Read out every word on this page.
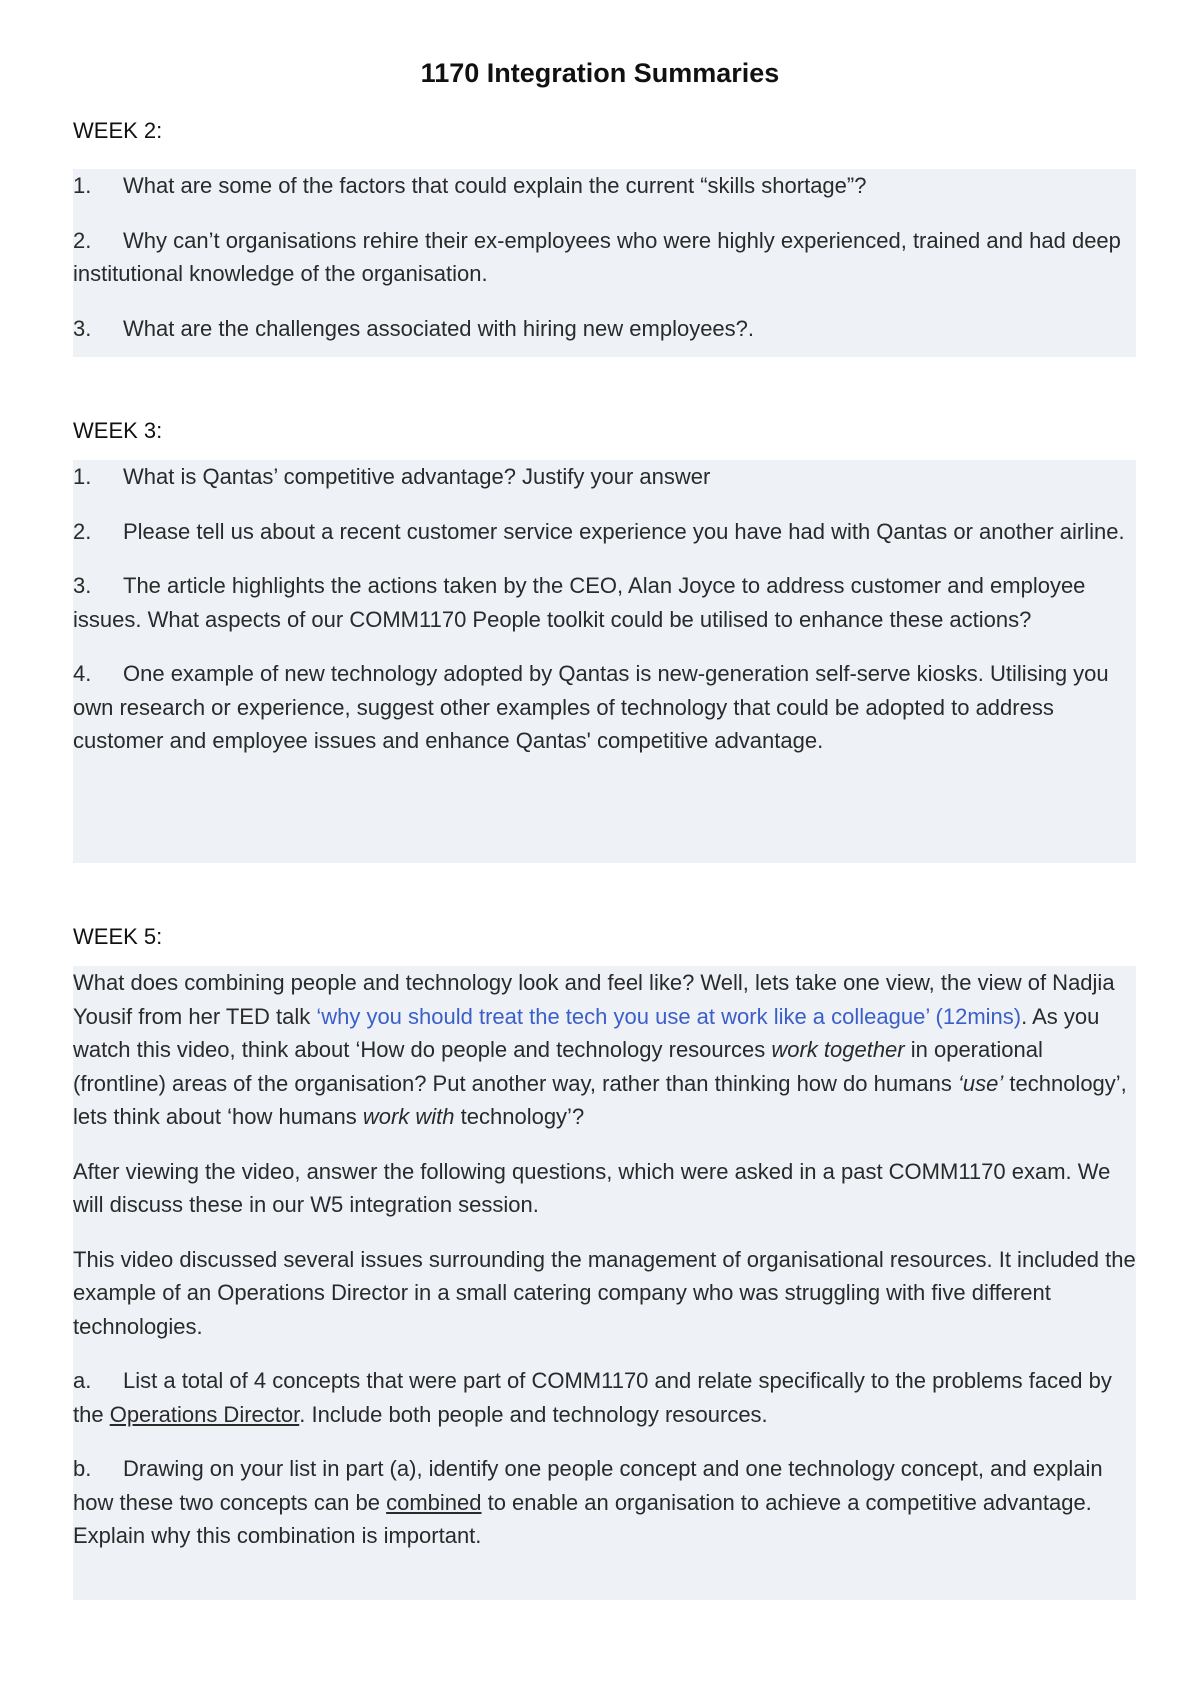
1170 Integration Summaries
WEEK 2:

1. What are some of the factors that could explain the current “skills shortage”?

2. Why can’t organisations rehire their ex-employees who were highly experienced, trained and had deep institutional knowledge of the organisation.

3. What are the challenges associated with hiring new employees?.

WEEK 3:

1. What is Qantas’ competitive advantage? Justify your answer

2. Please tell us about a recent customer service experience you have had with Qantas or another airline.

3. The article highlights the actions taken by the CEO, Alan Joyce to address customer and employee issues. What aspects of our COMM1170 People toolkit could be utilised to enhance these actions?

4. One example of new technology adopted by Qantas is new-generation self-serve kiosks. Utilising you own research or experience, suggest other examples of technology that could be adopted to address customer and employee issues and enhance Qantas' competitive advantage.

WEEK 5:

What does combining people and technology look and feel like? Well, lets take one view, the view of Nadjia Yousif from her TED talk ‘why you should treat the tech you use at work like a colleague’ (12mins). As you watch this video, think about ‘How do people and technology resources work together in operational (frontline) areas of the organisation? Put another way, rather than thinking how do humans ‘use’ technology’, lets think about ‘how humans work with technology’?

After viewing the video, answer the following questions, which were asked in a past COMM1170 exam. We will discuss these in our W5 integration session.

This video discussed several issues surrounding the management of organisational resources. It included the example of an Operations Director in a small catering company who was struggling with five different technologies.

a. List a total of 4 concepts that were part of COMM1170 and relate specifically to the problems faced by the Operations Director. Include both people and technology resources.

b. Drawing on your list in part (a), identify one people concept and one technology concept, and explain how these two concepts can be combined to enable an organisation to achieve a competitive advantage. Explain why this combination is important.
